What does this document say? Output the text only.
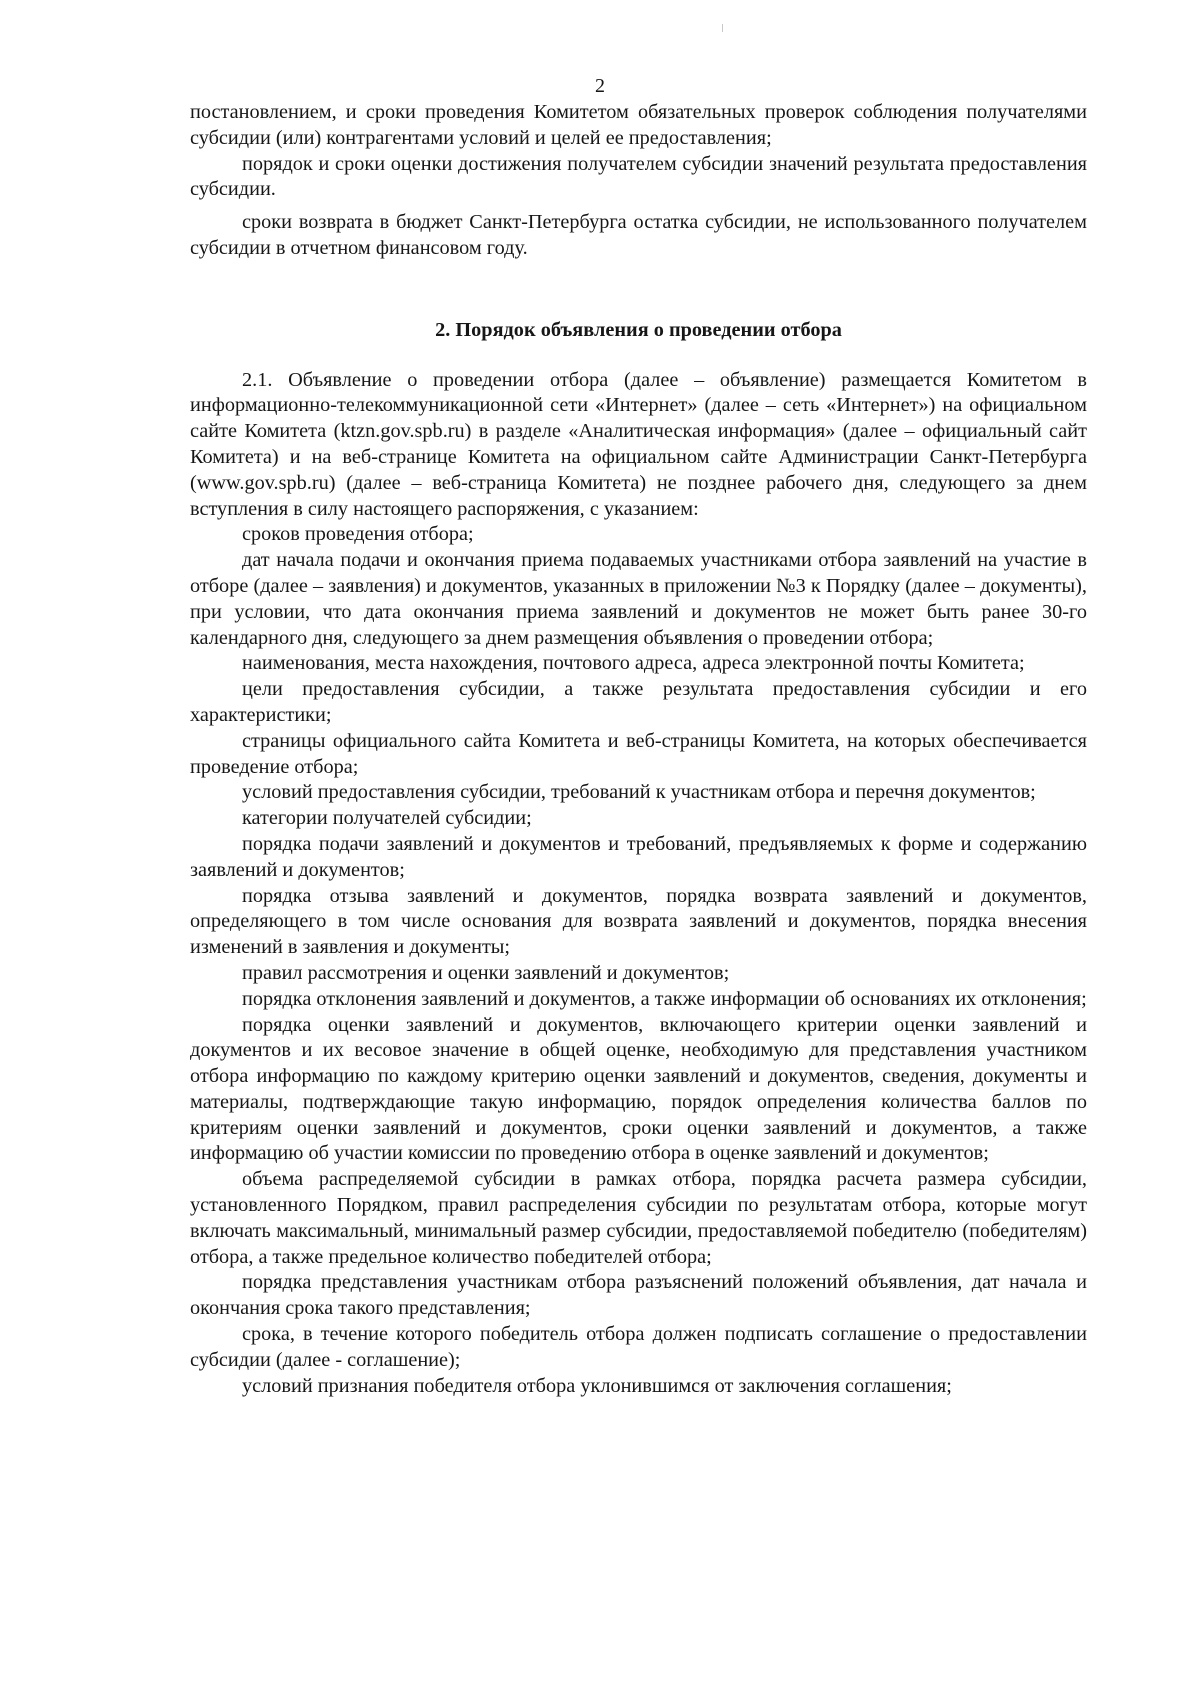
2

постановлением, и сроки проведения Комитетом обязательных проверок соблюдения получателями субсидии (или) контрагентами условий и целей ее предоставления;

порядок и сроки оценки достижения получателем субсидии значений результата предоставления субсидии.

сроки возврата в бюджет Санкт-Петербурга остатка субсидии, не использованного получателем субсидии в отчетном финансовом году.

2. Порядок объявления о проведении отбора

2.1. Объявление о проведении отбора (далее – объявление) размещается Комитетом в информационно-телекоммуникационной сети «Интернет» (далее – сеть «Интернет») на официальном сайте Комитета (ktzn.gov.spb.ru) в разделе «Аналитическая информация» (далее – официальный сайт Комитета) и на веб-странице Комитета на официальном сайте Администрации Санкт-Петербурга (www.gov.spb.ru) (далее – веб-страница Комитета) не позднее рабочего дня, следующего за днем вступления в силу настоящего распоряжения, с указанием:

сроков проведения отбора;

дат начала подачи и окончания приема подаваемых участниками отбора заявлений на участие в отборе (далее – заявления) и документов, указанных в приложении №3 к Порядку (далее – документы), при условии, что дата окончания приема заявлений и документов не может быть ранее 30-го календарного дня, следующего за днем размещения объявления о проведении отбора;

наименования, места нахождения, почтового адреса, адреса электронной почты Комитета;

цели предоставления субсидии, а также результата предоставления субсидии и его характеристики;

страницы официального сайта Комитета и веб-страницы Комитета, на которых обеспечивается проведение отбора;

условий предоставления субсидии, требований к участникам отбора и перечня документов;

категории получателей субсидии;

порядка подачи заявлений и документов и требований, предъявляемых к форме и содержанию заявлений и документов;

порядка отзыва заявлений и документов, порядка возврата заявлений и документов, определяющего в том числе основания для возврата заявлений и документов, порядка внесения изменений в заявления и документы;

правил рассмотрения и оценки заявлений и документов;

порядка отклонения заявлений и документов, а также информации об основаниях их отклонения;

порядка оценки заявлений и документов, включающего критерии оценки заявлений и документов и их весовое значение в общей оценке, необходимую для представления участником отбора информацию по каждому критерию оценки заявлений и документов, сведения, документы и материалы, подтверждающие такую информацию, порядок определения количества баллов по критериям оценки заявлений и документов, сроки оценки заявлений и документов, а также информацию об участии комиссии по проведению отбора в оценке заявлений и документов;

объема распределяемой субсидии в рамках отбора, порядка расчета размера субсидии, установленного Порядком, правил распределения субсидии по результатам отбора, которые могут включать максимальный, минимальный размер субсидии, предоставляемой победителю (победителям) отбора, а также предельное количество победителей отбора;

порядка представления участникам отбора разъяснений положений объявления, дат начала и окончания срока такого представления;

срока, в течение которого победитель отбора должен подписать соглашение о предоставлении субсидии (далее - соглашение);

условий признания победителя отбора уклонившимся от заключения соглашения;
